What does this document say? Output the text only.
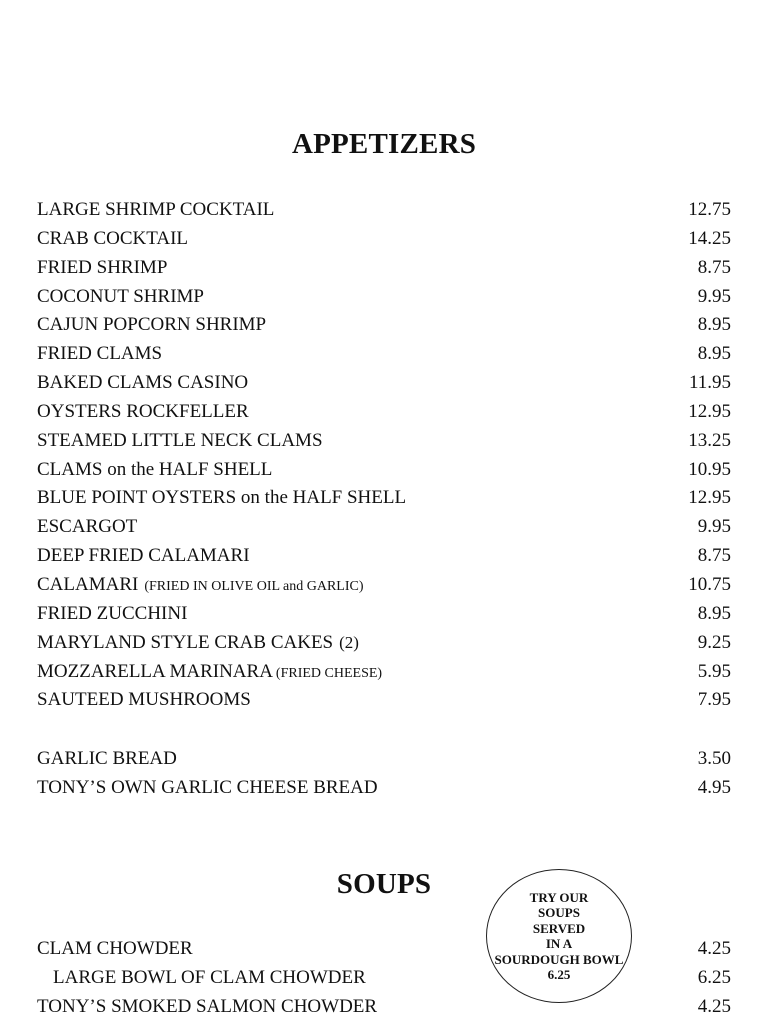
APPETIZERS
LARGE SHRIMP COCKTAIL	12.75
CRAB COCKTAIL	14.25
FRIED SHRIMP	8.75
COCONUT SHRIMP	9.95
CAJUN POPCORN SHRIMP	8.95
FRIED CLAMS	8.95
BAKED CLAMS CASINO	11.95
OYSTERS ROCKFELLER	12.95
STEAMED LITTLE NECK CLAMS	13.25
CLAMS on the HALF SHELL	10.95
BLUE POINT OYSTERS on the HALF SHELL	12.95
ESCARGOT	9.95
DEEP FRIED CALAMARI	8.75
CALAMARI (FRIED IN OLIVE OIL and GARLIC)	10.75
FRIED ZUCCHINI	8.95
MARYLAND STYLE CRAB CAKES (2)	9.25
MOZZARELLA MARINARA (FRIED CHEESE)	5.95
SAUTEED MUSHROOMS	7.95
GARLIC BREAD	3.50
TONY’S OWN GARLIC CHEESE BREAD	4.95
SOUPS
CLAM CHOWDER	4.25
LARGE BOWL OF CLAM CHOWDER	6.25
TONY’S SMOKED SALMON CHOWDER	4.25
TRY OUR
SOUPS
SERVED
IN A
SOURDOUGH BOWL
6.25
